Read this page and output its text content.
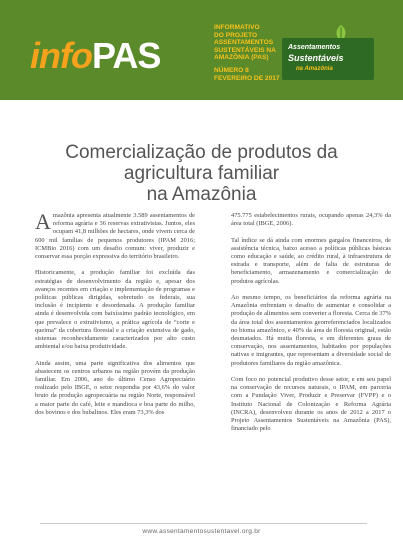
infoPAS
INFORMATIVO
DO PROJETO
ASSENTAMENTOS
SUSTENTÁVEIS NA
AMAZÔNIA (PAS)
NÚMERO 8
FEVEREIRO DE 2017
Assentamentos
Sustentáveis
na Amazônia
Comercialização de produtos da
agricultura familiar
na Amazônia

Amazônia apresenta atualmente 3.589 assentamentos de reforma agrária e 36 reservas extrativistas. Juntos, eles ocupam 41,8 milhões de hectares, onde vivem cerca de 600 mil famílias de pequenos produtores (IPAM 2016; ICMBio 2016) com um desafio comum: viver, produzir e conservar essa porção expressiva do território brasileiro.

Historicamente, a produção familiar foi excluída das estratégias de desenvolvimento da região e, apesar dos avanços recentes em criação e implementação de programas e políticas públicas dirigidas, sobretudo os federais, sua inclusão é incipiente e desordenada. A produção familiar ainda é desenvolvida com baixíssimo padrão tecnológico, em que prevalece o extrativismo, a prática agrícola de “corte e queima” da cobertura florestal e a criação extensiva de gado, sistemas reconhecidamente caracterizados por alto custo ambiental e/ou baixa produtividade.

Ainda assim, uma parte significativa dos alimentos que abastecem os centros urbanos na região provém da produção familiar. Em 2006, ano do último Censo Agropecuário realizado pelo IBGE, o setor respondia por 43,6% do valor bruto da produção agropecuária na região Norte, responsável a maior parte do café, leite e mandioca e boa parte do milho, dos bovinos e dos bubalinos. Eles eram 73,3% dos

475.775 estabelecimentos rurais, ocupando apenas 24,3% da área total (IBGE, 2006).

Tal índice se dá ainda com enormes gargalos financeiros, de assistência técnica, baixo acesso a políticas públicas básicas como educação e saúde, ao crédito rural, à infraestrutura de estrada e transporte, além de falta de estruturas de beneficiamento, armazenamento e comercialização de produtos agrícolas.

Ao mesmo tempo, os beneficiários da reforma agrária na Amazônia enfrentam o desafio de aumentar e consolidar a produção de alimentos sem converter a floresta. Cerca de 37% da área total dos assentamentos georreferenciados localizados no bioma amazônico, e 40% da área de floresta original, estão desmatados. Há muita floresta, e em diferentes graus de conservação, nos assentamentos, habitados por populações nativas e imigrantes, que representam a diversidade social de produtores familiares da região amazônica.

Com foco no potencial produtivo desse setor, e em seu papel na conservação de recursos naturais, o IPAM, em parceria com a Fundação Viver, Produzir e Preservar (FVPP) e o Instituto Nacional de Colonização e Reforma Agrária (INCRA), desenvolveu durante os anos de 2012 a 2017 o Projeto Assentamentos Sustentáveis na Amazônia (PAS), financiado pelo

www.assentamentosustentavel.org.br
